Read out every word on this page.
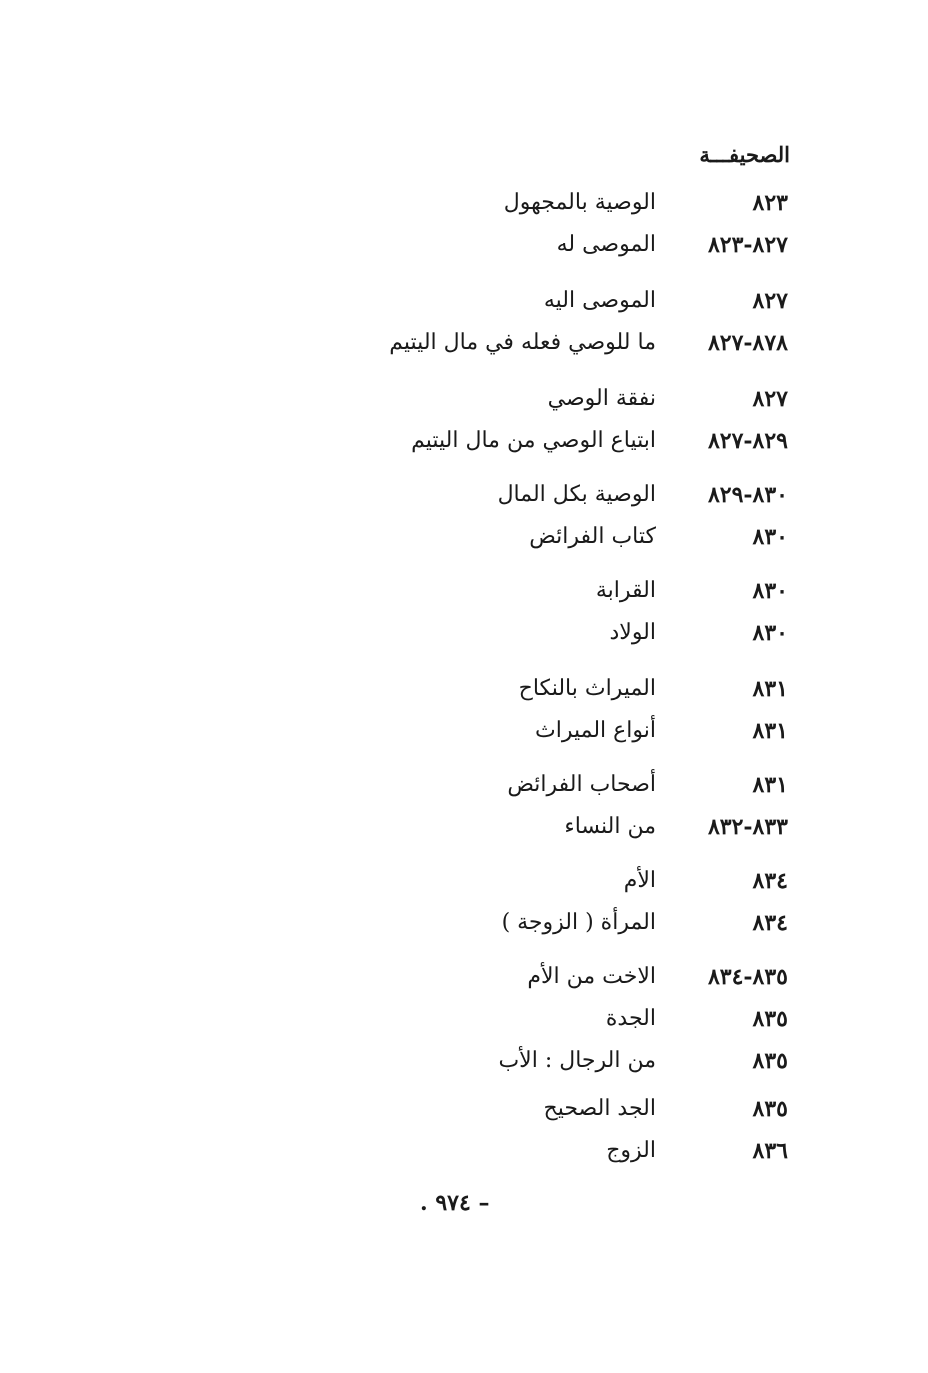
الصحيفـــة
٨٢٣
الوصية بالمجهول
٨٢٧-٨٢٣
الموصى له
٨٢٧
الموصى اليه
٨٧٨-٨٢٧
ما للوصي فعله في مال اليتيم
٨٢٧
نفقة الوصي
٨٢٩-٨٢٧
ابتياع الوصي من مال اليتيم
٨٣٠-٨٢٩
الوصية بكل المال
٨٣٠
كتاب الفرائض
٨٣٠
القرابة
٨٣٠
الولاد
٨٣١
الميراث بالنكاح
٨٣١
أنواع الميراث
٨٣١
أصحاب الفرائض
٨٣٣-٨٣٢
من النساء
٨٣٤
الأم
٨٣٤
المرأة ( الزوجة )
٨٣٥-٨٣٤
الاخت من الأم
٨٣٥
الجدة
٨٣٥
من الرجال : الأب
٨٣٥
الجد الصحيح
٨٣٦
الزوج
– ٩٧٤ .
